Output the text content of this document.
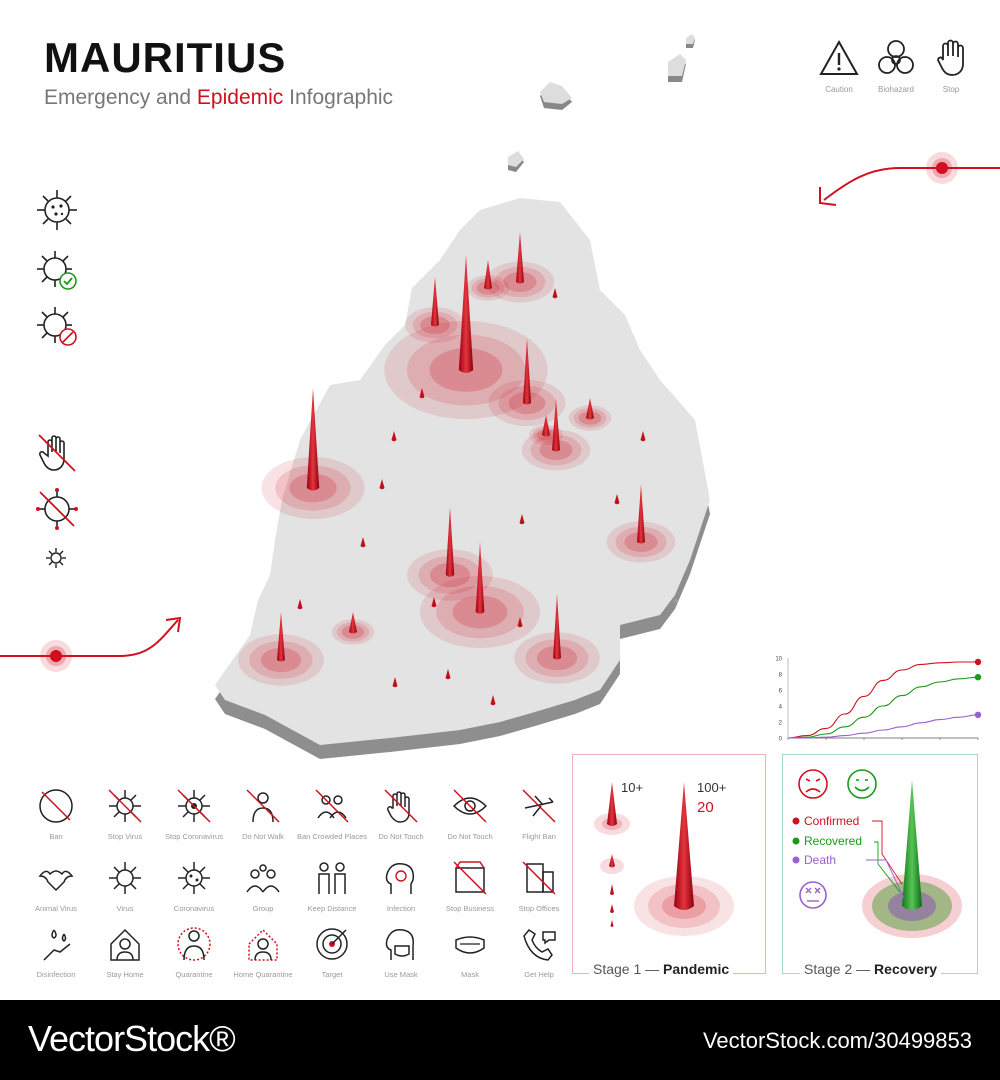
MAURITIUS
Emergency and Epidemic Infographic	Caution	Biohazard	Stop
0
2
4
6
8
10
Stage 1 — Pandemic
10+	100+
20
Stage 2 — Recovery
Confirmed
Recovered
Death
Ban	Stop Virus	Stop Coronavirus	Do Not Walk	Ban Crowded Places	Do Not Touch	Do Not Touch	Flight Ban
Animal Virus	Virus	Coronavirus	Group	Keep Distance	Infection	Stop Business	Stop Offices
Disinfection	Stay Home	Quarantine	Home Quarantine	Target	Use Mask	Mask	Get Help
VectorStock®	VectorStock.com/30499853
